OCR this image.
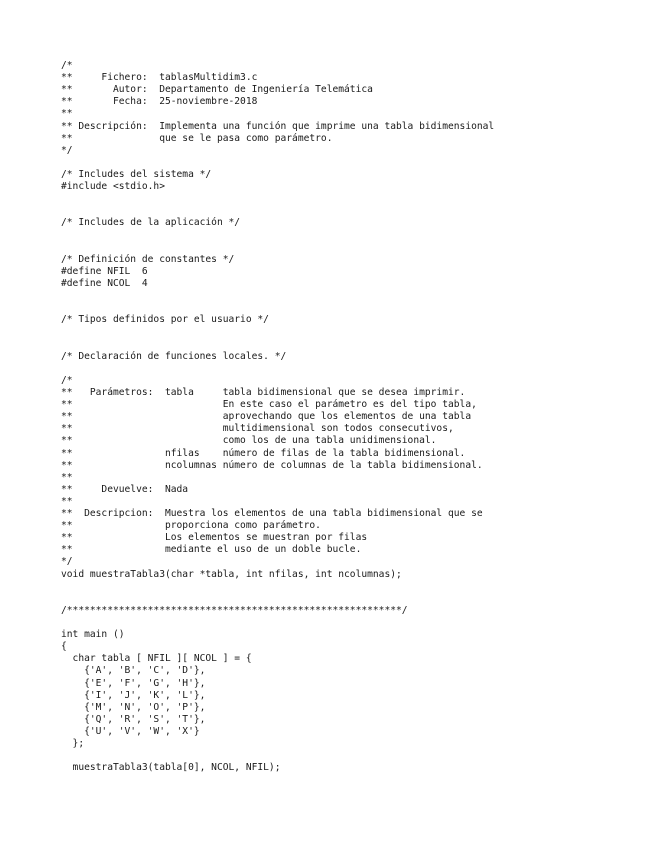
/*
**     Fichero:  tablasMultidim3.c
**       Autor:  Departamento de Ingeniería Telemática
**       Fecha:  25-noviembre-2018
**
** Descripción:  Implementa una función que imprime una tabla bidimensional
**               que se le pasa como parámetro.
*/
/* Includes del sistema */
#include <stdio.h>
/* Includes de la aplicación */
/* Definición de constantes */
#define NFIL  6
#define NCOL  4
/* Tipos definidos por el usuario */
/* Declaración de funciones locales. */
/*
**   Parámetros:  tabla     tabla bidimensional que se desea imprimir.
**                          En este caso el parámetro es del tipo tabla,
**                          aprovechando que los elementos de una tabla
**                          multidimensional son todos consecutivos,
**                          como los de una tabla unidimensional.
**                nfilas    número de filas de la tabla bidimensional.
**                ncolumnas número de columnas de la tabla bidimensional.
**
**     Devuelve:  Nada
**
**  Descripcion:  Muestra los elementos de una tabla bidimensional que se
**                proporciona como parámetro.
**                Los elementos se muestran por filas
**                mediante el uso de un doble bucle.
*/
void muestraTabla3(char *tabla, int nfilas, int ncolumnas);
/**********************************************************/
int main ()
{
char tabla [ NFIL ][ NCOL ] = {
{'A', 'B', 'C', 'D'},
{'E', 'F', 'G', 'H'},
{'I', 'J', 'K', 'L'},
{'M', 'N', 'O', 'P'},
{'Q', 'R', 'S', 'T'},
{'U', 'V', 'W', 'X'}
};
muestraTabla3(tabla[0], NCOL, NFIL);
